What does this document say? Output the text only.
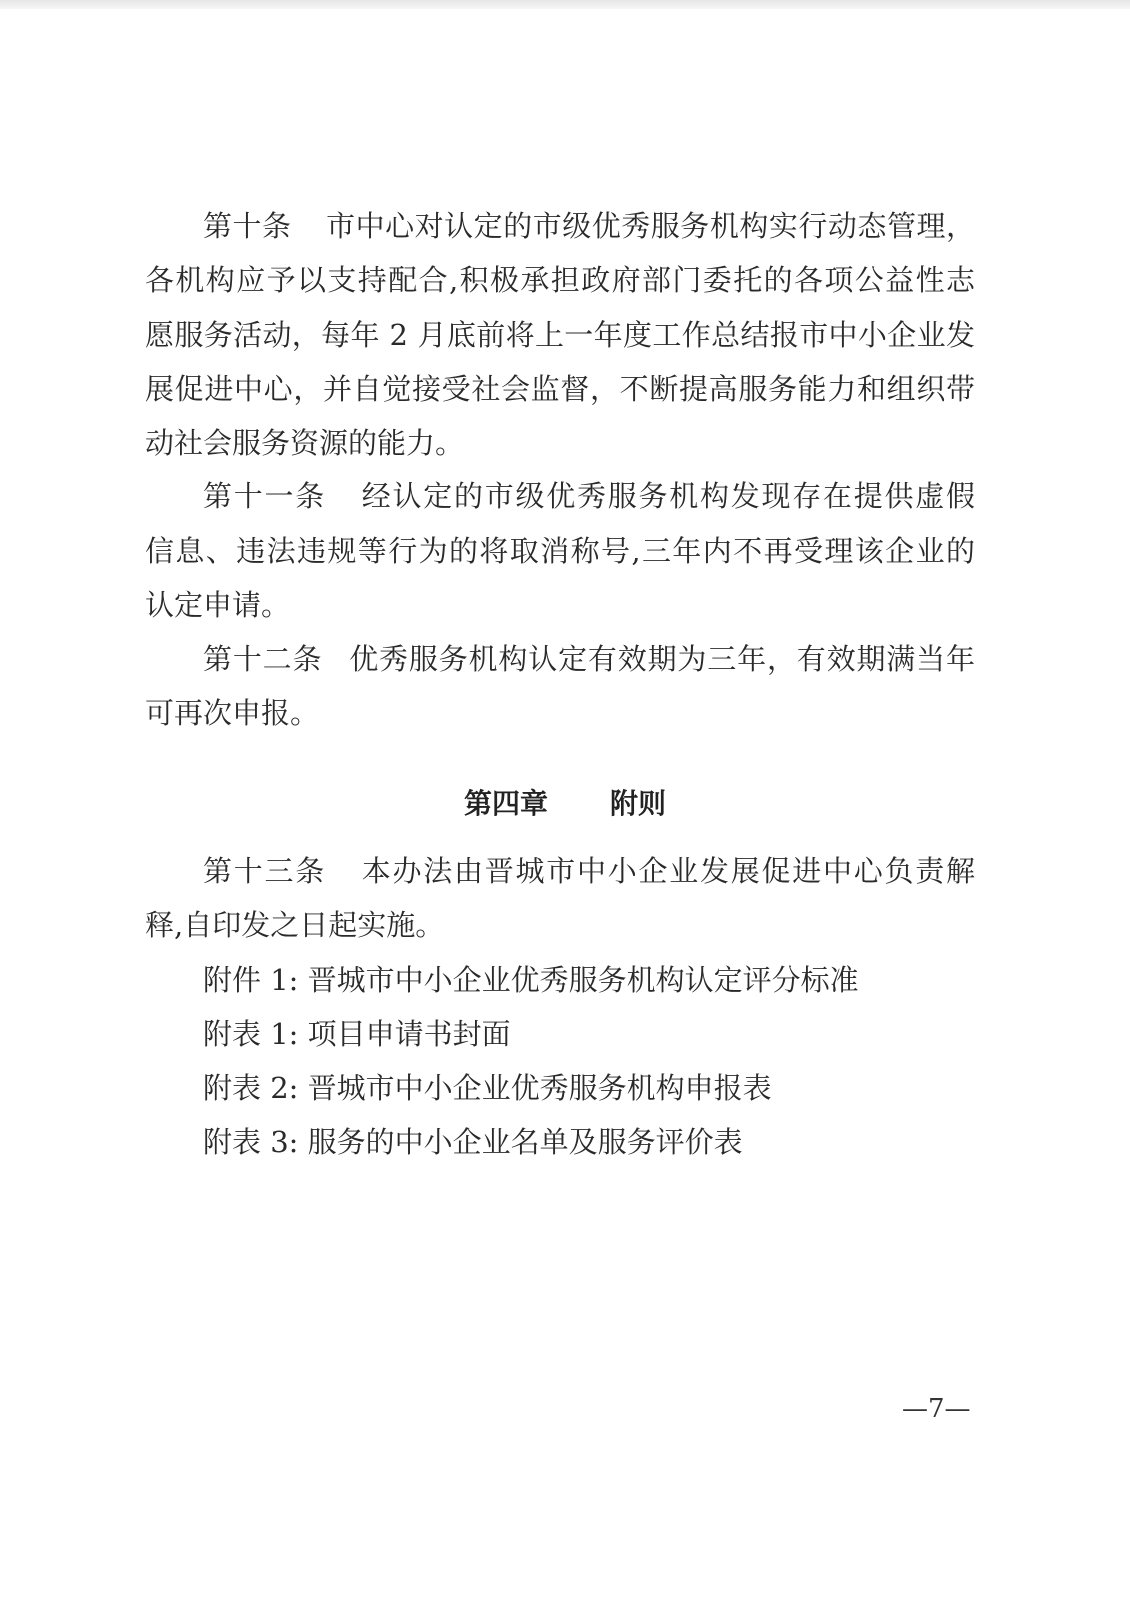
第十条 市中心对认定的市级优秀服务机构实行动态管理，
各机构应予以支持配合,积极承担政府部门委托的各项公益性志
愿服务活动，每年 2 月底前将上一年度工作总结报市中小企业发
展促进中心，并自觉接受社会监督，不断提高服务能力和组织带
动社会服务资源的能力。
第十一条 经认定的市级优秀服务机构发现存在提供虚假
信息、违法违规等行为的将取消称号,三年内不再受理该企业的
认定申请。
第十二条 优秀服务机构认定有效期为三年，有效期满当年
可再次申报。
第四章 附则
第十三条 本办法由晋城市中小企业发展促进中心负责解
释,自印发之日起实施。
附件 1: 晋城市中小企业优秀服务机构认定评分标准
附表 1: 项目申请书封面
附表 2: 晋城市中小企业优秀服务机构申报表
附表 3: 服务的中小企业名单及服务评价表
—7—
